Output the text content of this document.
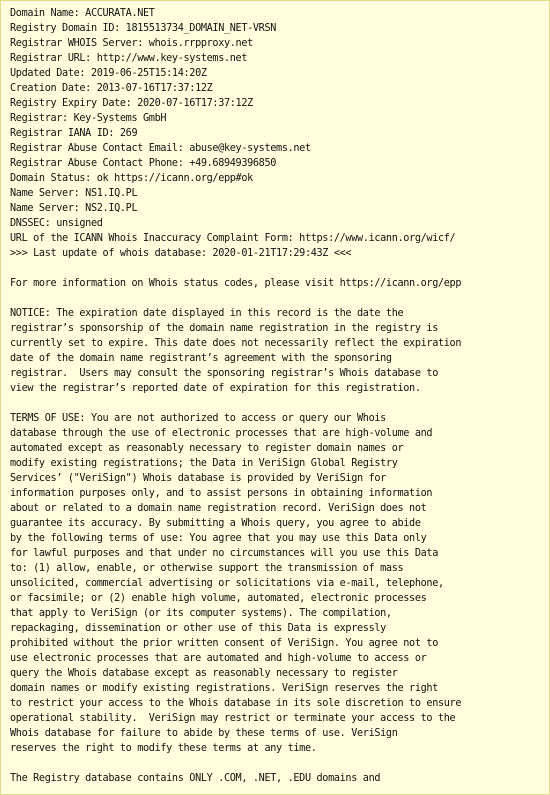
Domain Name: ACCURATA.NET
Registry Domain ID: 1815513734_DOMAIN_NET-VRSN
Registrar WHOIS Server: whois.rrpproxy.net
Registrar URL: http://www.key-systems.net
Updated Date: 2019-06-25T15:14:20Z
Creation Date: 2013-07-16T17:37:12Z
Registry Expiry Date: 2020-07-16T17:37:12Z
Registrar: Key-Systems GmbH
Registrar IANA ID: 269
Registrar Abuse Contact Email: abuse@key-systems.net
Registrar Abuse Contact Phone: +49.68949396850
Domain Status: ok https://icann.org/epp#ok
Name Server: NS1.IQ.PL
Name Server: NS2.IQ.PL
DNSSEC: unsigned
URL of the ICANN Whois Inaccuracy Complaint Form: https://www.icann.org/wicf/
>>> Last update of whois database: 2020-01-21T17:29:43Z <<<

For more information on Whois status codes, please visit https://icann.org/epp

NOTICE: The expiration date displayed in this record is the date the
registrar’s sponsorship of the domain name registration in the registry is
currently set to expire. This date does not necessarily reflect the expiration
date of the domain name registrant’s agreement with the sponsoring
registrar.  Users may consult the sponsoring registrar’s Whois database to
view the registrar’s reported date of expiration for this registration.

TERMS OF USE: You are not authorized to access or query our Whois
database through the use of electronic processes that are high-volume and
automated except as reasonably necessary to register domain names or
modify existing registrations; the Data in VeriSign Global Registry
Services’ ("VeriSign") Whois database is provided by VeriSign for
information purposes only, and to assist persons in obtaining information
about or related to a domain name registration record. VeriSign does not
guarantee its accuracy. By submitting a Whois query, you agree to abide
by the following terms of use: You agree that you may use this Data only
for lawful purposes and that under no circumstances will you use this Data
to: (1) allow, enable, or otherwise support the transmission of mass
unsolicited, commercial advertising or solicitations via e-mail, telephone,
or facsimile; or (2) enable high volume, automated, electronic processes
that apply to VeriSign (or its computer systems). The compilation,
repackaging, dissemination or other use of this Data is expressly
prohibited without the prior written consent of VeriSign. You agree not to
use electronic processes that are automated and high-volume to access or
query the Whois database except as reasonably necessary to register
domain names or modify existing registrations. VeriSign reserves the right
to restrict your access to the Whois database in its sole discretion to ensure
operational stability.  VeriSign may restrict or terminate your access to the
Whois database for failure to abide by these terms of use. VeriSign
reserves the right to modify these terms at any time.

The Registry database contains ONLY .COM, .NET, .EDU domains and
